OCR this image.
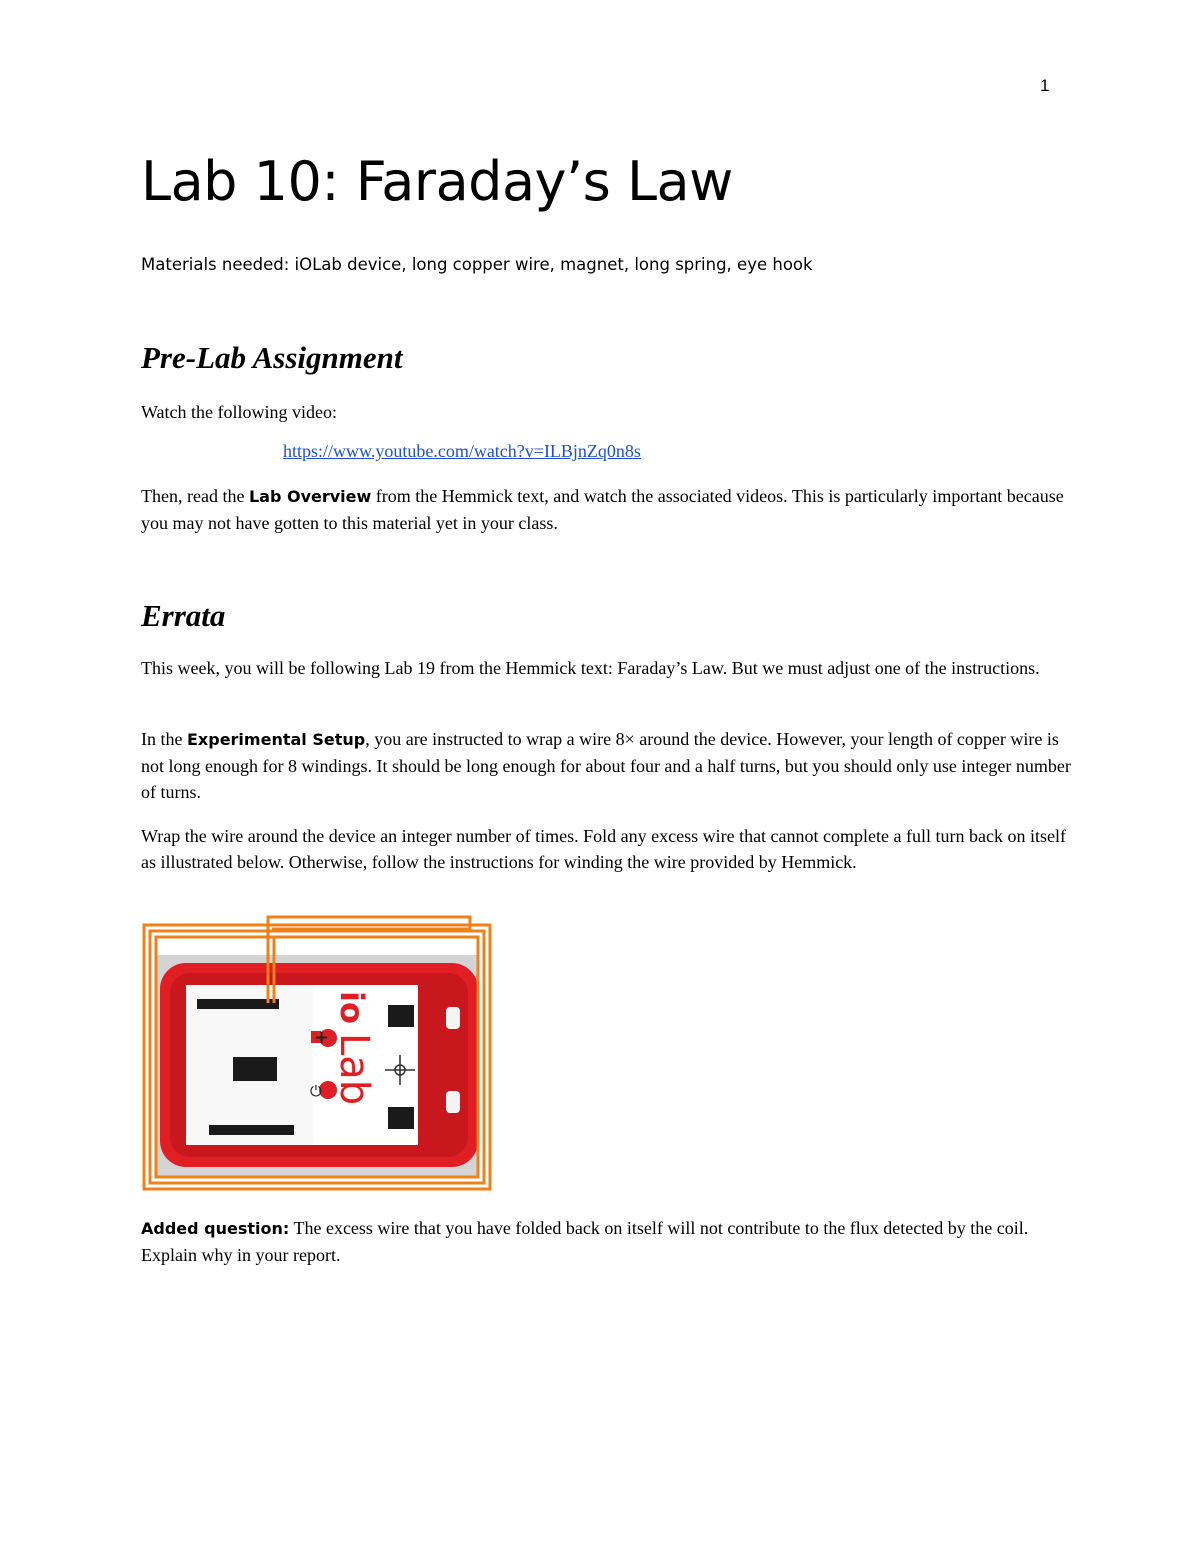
1
Lab 10: Faraday’s Law
Materials needed: iOLab device, long copper wire, magnet, long spring, eye hook
Pre-Lab Assignment

Watch the following video:

https://www.youtube.com/watch?v=ILBjnZq0n8s

Then, read the Lab Overview from the Hemmick text, and watch the associated videos. This is particularly important because you may not have gotten to this material yet in your class.

Errata

This week, you will be following Lab 19 from the Hemmick text: Faraday’s Law. But we must adjust one of the instructions.

In the Experimental Setup, you are instructed to wrap a wire 8× around the device. However, your length of copper wire is not long enough for 8 windings. It should be long enough for about four and a half turns, but you should only use integer number of turns.

Wrap the wire around the device an integer number of times. Fold any excess wire that cannot complete a full turn back on itself as illustrated below. Otherwise, follow the instructions for winding the wire provided by Hemmick.

+
⏻
io
Lab
10N

Added question: The excess wire that you have folded back on itself will not contribute to the flux detected by the coil. Explain why in your report.
